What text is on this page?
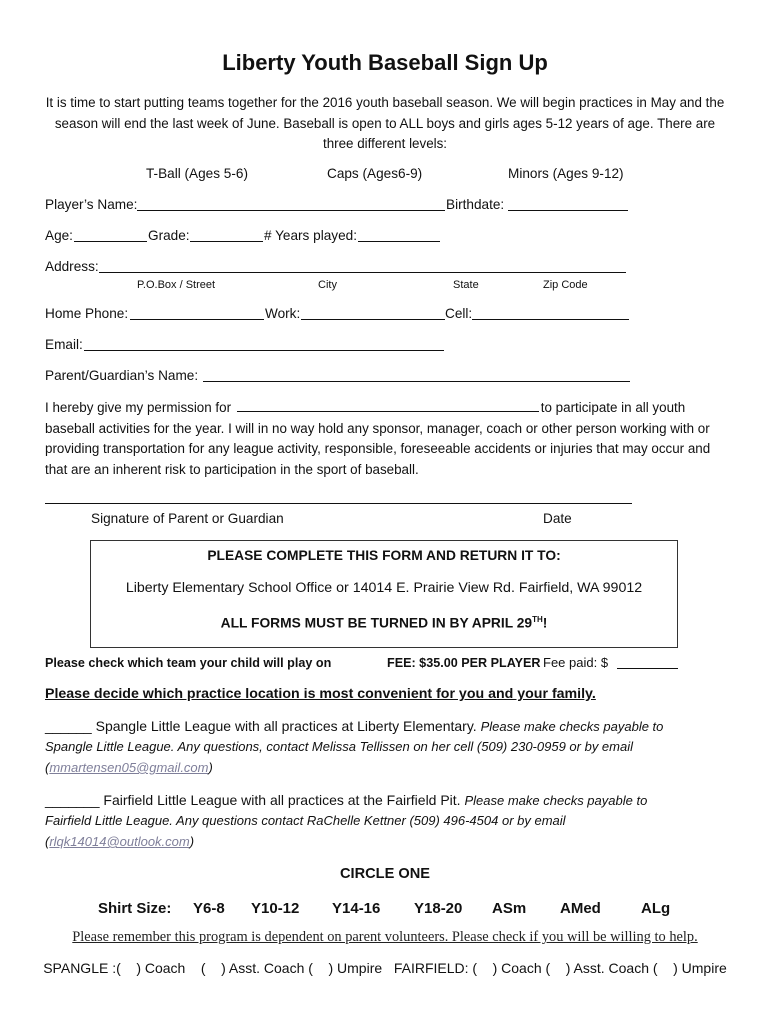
Liberty Youth Baseball Sign Up
It is time to start putting teams together for the 2016 youth baseball season. We will begin practices in May and the season will end the last week of June. Baseball is open to ALL boys and girls ages 5-12 years of age. There are three different levels:
T-Ball (Ages 5-6)	Caps (Ages6-9)	Minors (Ages 9-12)
Player’s Name:	Birthdate:
Age:	Grade:	# Years played:
Address:
P.O.Box / Street	City	State	Zip Code
Home Phone:	Work:	Cell:
Email:
Parent/Guardian’s Name:
I hereby give my permission for	to participate in all youth baseball activities for the year. I will in no way hold any sponsor, manager, coach or other person working with or providing transportation for any league activity, responsible, foreseeable accidents or injuries that may occur and that are an inherent risk to participation in the sport of baseball.
Signature of Parent or Guardian	Date
PLEASE COMPLETE THIS FORM AND RETURN IT TO:
Liberty Elementary School Office or 14014 E. Prairie View Rd. Fairfield, WA 99012
ALL FORMS MUST BE TURNED IN BY APRIL 29TH!
Please check which team your child will play on	FEE: $35.00 PER PLAYER Fee paid: $
Please decide which practice location is most convenient for you and your family.
______ Spangle Little League with all practices at Liberty Elementary. Please make checks payable to
Spangle Little League. Any questions, contact Melissa Tellissen on her cell (509) 230-0959 or by email
(mmartensen05@gmail.com)
_______ Fairfield Little League with all practices at the Fairfield Pit. Please make checks payable to
Fairfield Little League. Any questions contact RaChelle Kettner (509) 496-4504 or by email
(rlqk14014@outlook.com)
CIRCLE ONE
Shirt Size: Y6-8 Y10-12 Y14-16 Y18-20 ASm AMed	ALg
Please remember this program is dependent on parent volunteers. Please check if you will be willing to help.
SPANGLE :(    ) Coach    (    ) Asst. Coach (    ) Umpire   FAIRFIELD: (    ) Coach (    ) Asst. Coach (    ) Umpire
